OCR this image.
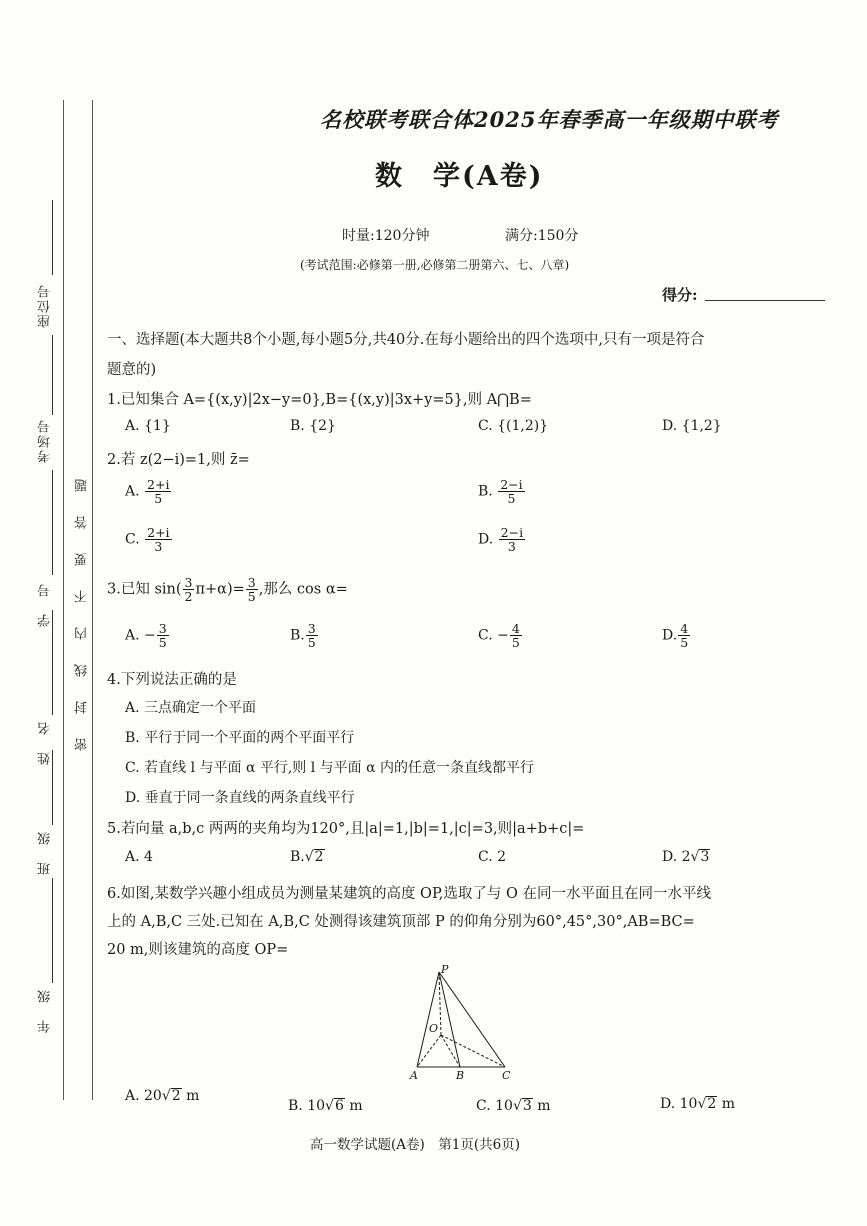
座位号
考场号
学　号
姓　名
班　级
年　级
密封线内不要答题
名校联考联合体2025年春季高一年级期中联考
数　学(A卷)
时量:120分钟	满分:150分
(考试范围:必修第一册,必修第二册第六、七、八章)
得分:
一、选择题(本大题共8个小题,每小题5分,共40分.在每小题给出的四个选项中,只有一项是符合
题意的)
1.已知集合 A={(x,y)|2x−y=0},B={(x,y)|3x+y=5},则 A⋂B=
A. {1}	B. {2}	C. {(1,2)}	D. {1,2}
2.若 z(2−i)=1,则 z̄=
A. $\frac{2+i}{5}$	B. $\frac{2-i}{5}$
C. $\frac{2+i}{3}$	D. $\frac{2-i}{3}$
3.已知 $\sin( \frac{3}{2} \pi+\alpha)= \frac{3}{5}$ ,那么 cos α=
A. − $\frac{3}{5}$	B. $\frac{3}{5}$	C. − $\frac{4}{5}$	D. $\frac{4}{5}$
4.下列说法正确的是
A. 三点确定一个平面
B. 平行于同一个平面的两个平面平行
C. 若直线 l 与平面 α 平行,则 l 与平面 α 内的任意一条直线都平行
D. 垂直于同一条直线的两条直线平行
5.若向量 a,b,c 两两的夹角均为120°,且|a|=1,|b|=1,|c|=3,则|a+b+c|=
A. 4	B.√2	C. 2	D. 2√3
6.如图,某数学兴趣小组成员为测量某建筑的高度 OP,选取了与 O 在同一水平面且在同一水平线
上的 A,B,C 三处.已知在 A,B,C 处测得该建筑顶部 P 的仰角分别为60°,45°,30°,AB=BC=
20 m,则该建筑的高度 OP=
P
O
A	B	C
A. 20√2 m
B. 10√6 m	C. 10√3 m	D. 10√2 m
高一数学试题(A卷)　第1页(共6页)
